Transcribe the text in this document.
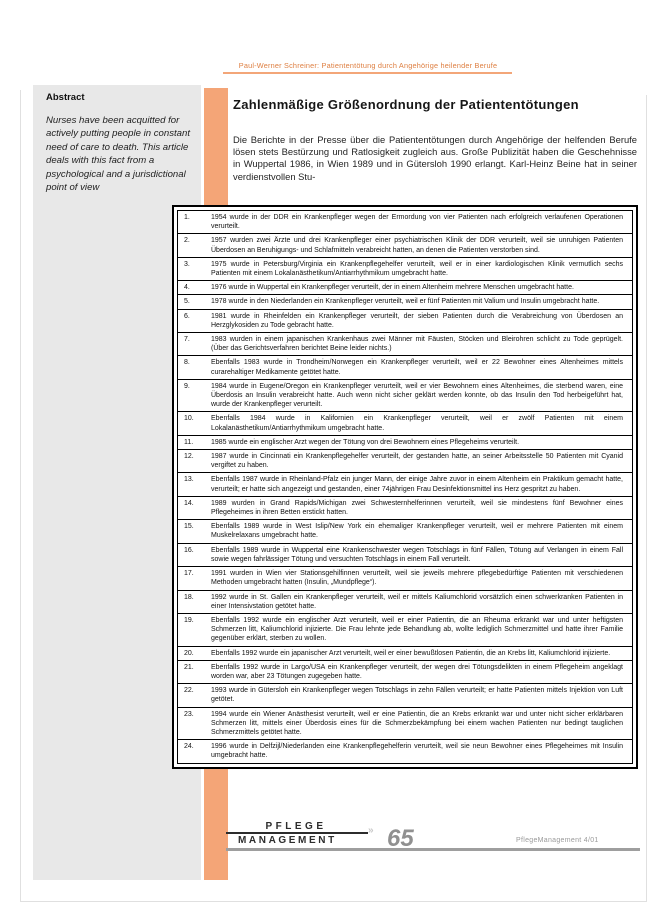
Paul-Werner Schreiner: Patiententötung durch Angehörige heilender Berufe
Abstract
Nurses have been acquitted for actively putting people in constant need of care to death. This article deals with this fact from a psychological and a jurisdictional point of view
Zahlenmäßige Größenordnung der Patiententötungen
Die Berichte in der Presse über die Patiententötungen durch Angehörige der helfenden Berufe lösen stets Bestürzung und Ratlosigkeit zugleich aus. Große Publizität haben die Geschehnisse in Wuppertal 1986, in Wien 1989 und in Gütersloh 1990 erlangt. Karl-Heinz Beine hat in seiner verdienstvollen Stu-
1.	1954 wurde in der DDR ein Krankenpfleger wegen der Ermordung von vier Patienten nach erfolgreich verlaufenen Operationen verurteilt.
2.	1957 wurden zwei Ärzte und drei Krankenpfleger einer psychiatrischen Klinik der DDR verurteilt, weil sie unruhigen Patienten Überdosen an Beruhigungs- und Schlafmitteln verabreicht hatten, an denen die Patienten verstorben sind.
3.	1975 wurde in Petersburg/Virginia ein Krankenpflegehelfer verurteilt, weil er in einer kardiologischen Klinik vermutlich sechs Patienten mit einem Lokalanästhetikum/Antiarrhythmikum umgebracht hatte.
4.	1976 wurde in Wuppertal ein Krankenpfleger verurteilt, der in einem Altenheim mehrere Menschen umgebracht hatte.
5.	1978 wurde in den Niederlanden ein Krankenpfleger verurteilt, weil er fünf Patienten mit Valium und Insulin umgebracht hatte.
6.	1981 wurde in Rheinfelden ein Krankenpfleger verurteilt, der sieben Patienten durch die Verabreichung von Überdosen an Herzglykosiden zu Tode gebracht hatte.
7.	1983 wurden in einem japanischen Krankenhaus zwei Männer mit Fäusten, Stöcken und Bleirohren schlicht zu Tode geprügelt. (Über das Gerichtsverfahren berichtet Beine leider nichts.)
8.	Ebenfalls 1983 wurde in Trondheim/Norwegen ein Krankenpfleger verurteilt, weil er 22 Bewohner eines Altenheimes mittels curarehaltiger Medikamente getötet hatte.
9.	1984 wurde in Eugene/Oregon ein Krankenpfleger verurteilt, weil er vier Bewohnern eines Altenheimes, die sterbend waren, eine Überdosis an Insulin verabreicht hatte. Auch wenn nicht sicher geklärt werden konnte, ob das Insulin den Tod herbeigeführt hat, wurde der Krankenpfleger verurteilt.
10.	Ebenfalls 1984 wurde in Kalifornien ein Krankenpfleger verurteilt, weil er zwölf Patienten mit einem Lokalanästhetikum/Antiarrhythmikum umgebracht hatte.
11.	1985 wurde ein englischer Arzt wegen der Tötung von drei Bewohnern eines Pflegeheims verurteilt.
12.	1987 wurde in Cincinnati ein Krankenpflegehelfer verurteilt, der gestanden hatte, an seiner Arbeitsstelle 50 Patienten mit Cyanid vergiftet zu haben.
13.	Ebenfalls 1987 wurde in Rheinland-Pfalz ein junger Mann, der einige Jahre zuvor in einem Altenheim ein Praktikum gemacht hatte, verurteilt; er hatte sich angezeigt und gestanden, einer 74jährigen Frau Desinfektionsmittel ins Herz gespritzt zu haben.
14.	1989 wurden in Grand Rapids/Michigan zwei Schwesternhelferinnen verurteilt, weil sie mindestens fünf Bewohner eines Pflegeheimes in ihren Betten erstickt hatten.
15.	Ebenfalls 1989 wurde in West Islip/New York ein ehemaliger Krankenpfleger verurteilt, weil er mehrere Patienten mit einem Muskelrelaxans umgebracht hatte.
16.	Ebenfalls 1989 wurde in Wuppertal eine Krankenschwester wegen Totschlags in fünf Fällen, Tötung auf Verlangen in einem Fall sowie wegen fahrlässiger Tötung und versuchten Totschlags in einem Fall verurteilt.
17.	1991 wurden in Wien vier Stationsgehilfinnen verurteilt, weil sie jeweils mehrere pflegebedürftige Patienten mit verschiedenen Methoden umgebracht hatten (Insulin, „Mundpflege“).
18.	1992 wurde in St. Gallen ein Krankenpfleger verurteilt, weil er mittels Kaliumchlorid vorsätzlich einen schwerkranken Patienten in einer Intensivstation getötet hatte.
19.	Ebenfalls 1992 wurde ein englischer Arzt verurteilt, weil er einer Patientin, die an Rheuma erkrankt war und unter heftigsten Schmerzen litt, Kaliumchlorid injizierte. Die Frau lehnte jede Behandlung ab, wollte lediglich Schmerzmittel und hatte ihrer Familie gegenüber erklärt, sterben zu wollen.
20.	Ebenfalls 1992 wurde ein japanischer Arzt verurteilt, weil er einer bewußtlosen Patientin, die an Krebs litt, Kaliumchlorid injizierte.
21.	Ebenfalls 1992 wurde in Largo/USA ein Krankenpfleger verurteilt, der wegen drei Tötungsdelikten in einem Pflegeheim angeklagt worden war, aber 23 Tötungen zugegeben hatte.
22.	1993 wurde in Gütersloh ein Krankenpfleger wegen Totschlags in zehn Fällen verurteilt; er hatte Patienten mittels Injektion von Luft getötet.
23.	1994 wurde ein Wiener Anästhesist verurteilt, weil er eine Patientin, die an Krebs erkrankt war und unter nicht sicher erklärbaren Schmerzen litt, mittels einer Überdosis eines für die Schmerzbekämpfung bei einem wachen Patienten nur bedingt tauglichen Schmerzmittels getötet hatte.
24.	1996 wurde in Delfzijl/Niederlanden eine Krankenpflegehelferin verurteilt, weil sie neun Bewohner eines Pflegeheimes mit Insulin umgebracht hatte.
»
PFLEGE
MANAGEMENT 65	PflegeManagement 4/01
